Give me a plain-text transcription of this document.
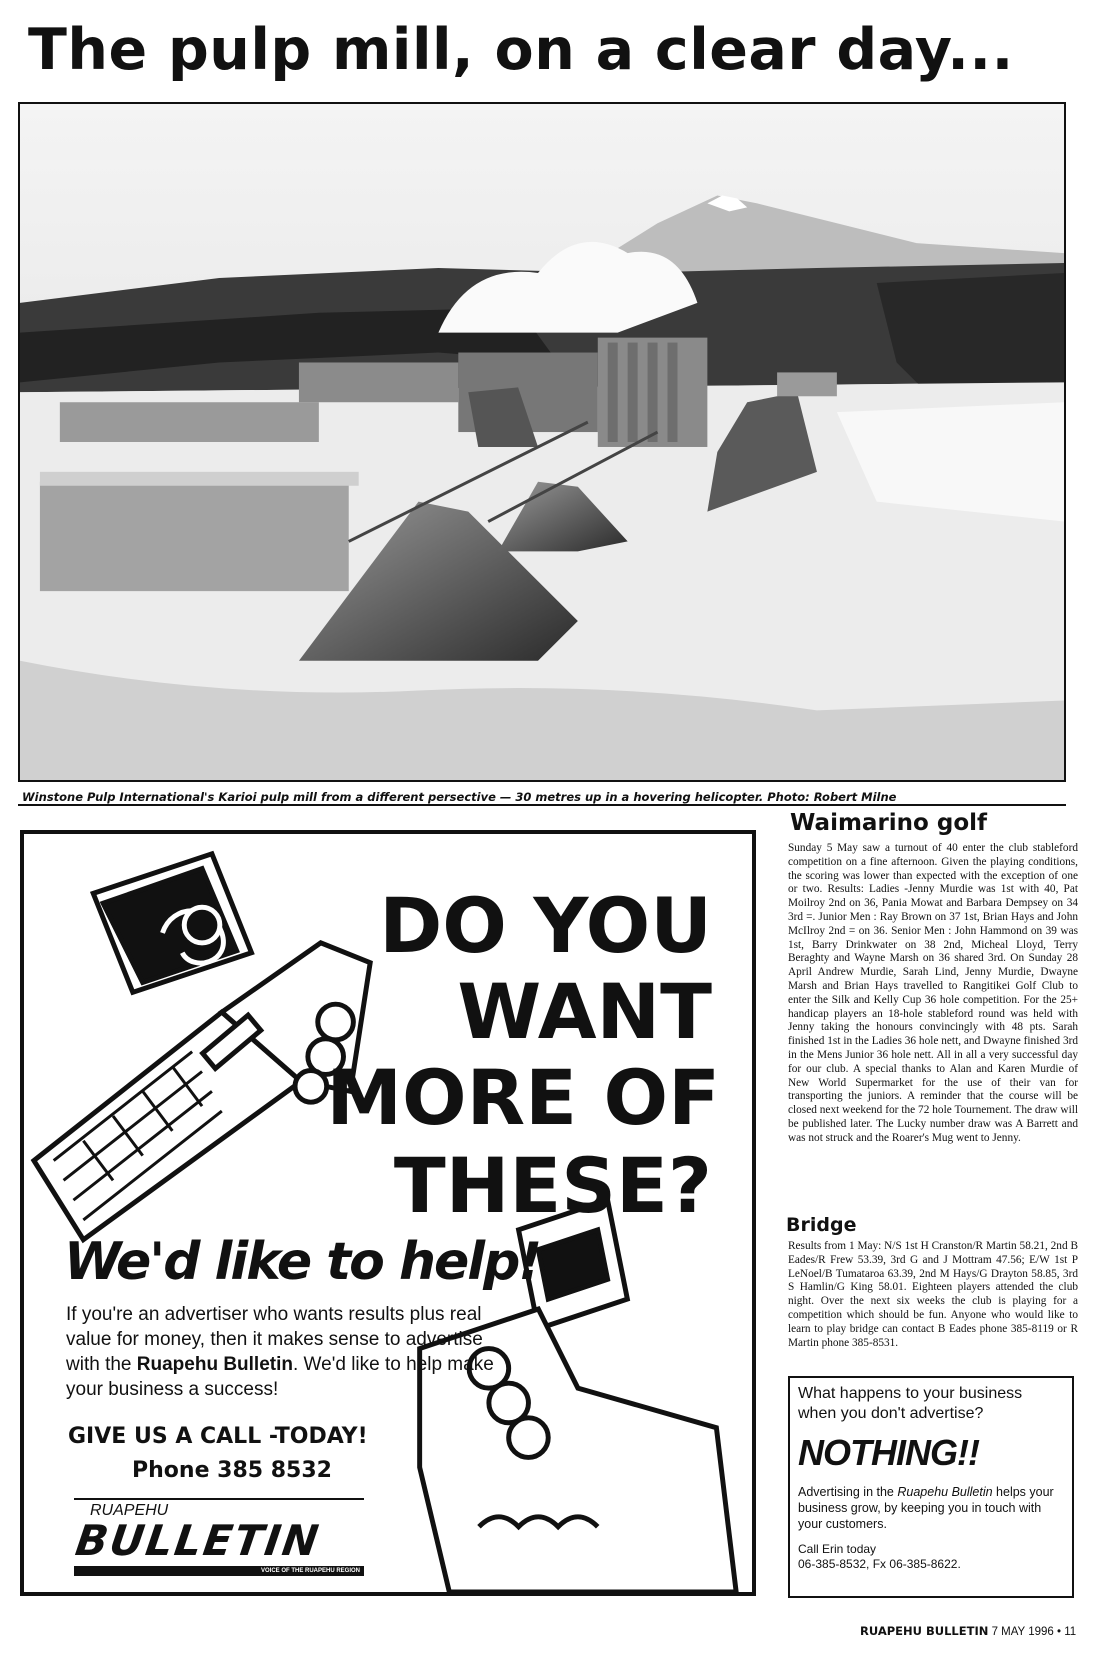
The pulp mill, on a clear day...
Winstone Pulp International's Karioi pulp mill from a different persective — 30 metres up in a hovering helicopter. Photo: Robert Milne
DO YOU
WANT
MORE OF
THESE?
We'd like to help!
If you're an advertiser who wants results plus real value for money, then it makes sense to advertise with the Ruapehu Bulletin. We'd like to help make your business a success!
GIVE US A CALL -TODAY!
Phone 385 8532
RUAPEHU
BULLETIN
VOICE OF THE RUAPEHU REGION
Waimarino golf
Sunday 5 May saw a turnout of 40 enter the club stableford competition on a fine afternoon. Given the playing conditions, the scoring was lower than expected with the exception of one or two. Results: Ladies -Jenny Murdie was 1st with 40, Pat Moilroy 2nd on 36, Pania Mowat and Barbara Dempsey on 34 3rd =. Junior Men : Ray Brown on 37 1st, Brian Hays and John McIlroy 2nd = on 36. Senior Men : John Hammond on 39 was 1st, Barry Drinkwater on 38 2nd, Micheal Lloyd, Terry Beraghty and Wayne Marsh on 36 shared 3rd. On Sunday 28 April Andrew Murdie, Sarah Lind, Jenny Murdie, Dwayne Marsh and Brian Hays travelled to Rangitikei Golf Club to enter the Silk and Kelly Cup 36 hole competition. For the 25+ handicap players an 18-hole stableford round was held with Jenny taking the honours convincingly with 48 pts. Sarah finished 1st in the Ladies 36 hole nett, and Dwayne finished 3rd in the Mens Junior 36 hole nett. All in all a very successful day for our club. A special thanks to Alan and Karen Murdie of New World Supermarket for the use of their van for transporting the juniors. A reminder that the course will be closed next weekend for the 72 hole Tournement. The draw will be published later. The Lucky number draw was A Barrett and was not struck and the Roarer's Mug went to Jenny.
Bridge
Results from 1 May: N/S 1st H Cranston/R Martin 58.21, 2nd B Eades/R Frew 53.39, 3rd G and J Mottram 47.56; E/W 1st P LeNoel/B Tumataroa 63.39, 2nd M Hays/G Drayton 58.85, 3rd S Hamlin/G King 58.01. Eighteen players attended the club night. Over the next six weeks the club is playing for a competition which should be fun. Anyone who would like to learn to play bridge can contact B Eades phone 385-8119 or R Martin phone 385-8531.
What happens to your business when you don't advertise?
NOTHING!!
Advertising in the Ruapehu Bulletin helps your business grow, by keeping you in touch with your customers.
Call Erin today
06-385-8532, Fx 06-385-8622.
RUAPEHU BULLETIN 7 MAY 1996 • 11
